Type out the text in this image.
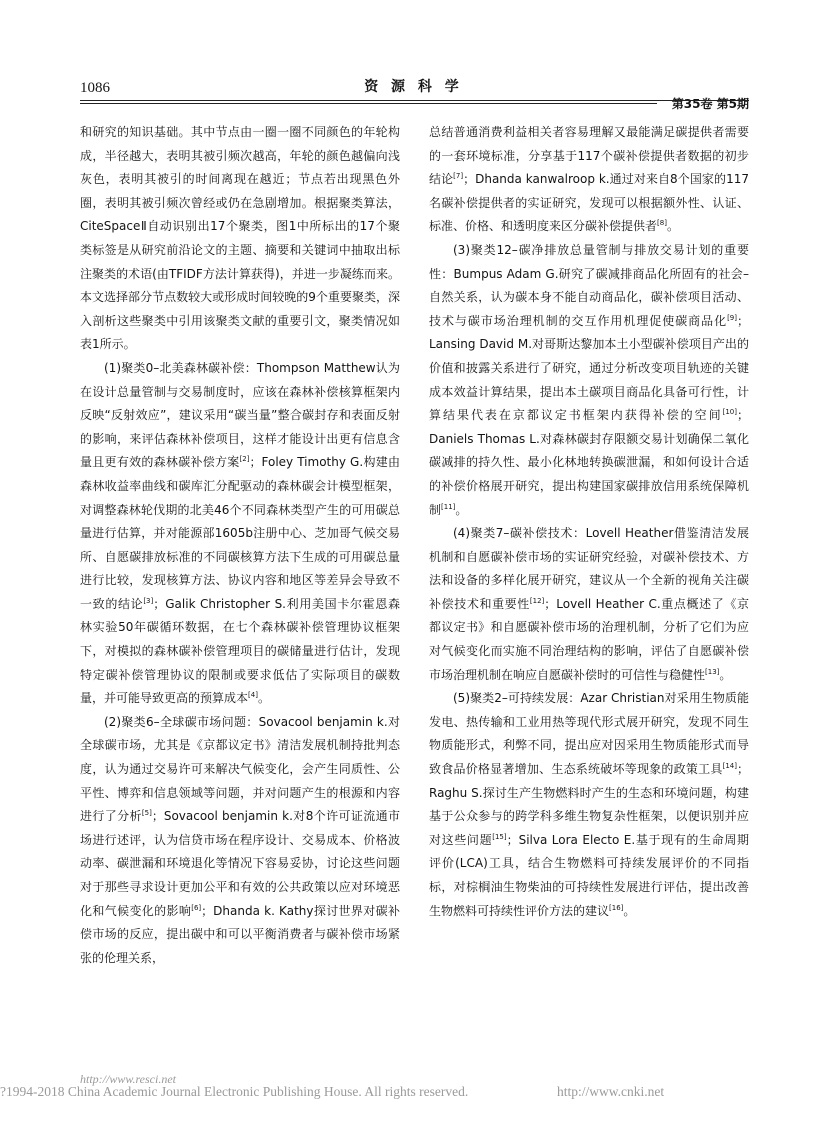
1086	资 源 科 学
第35卷 第5期

和研究的知识基础。其中节点由一圈一圈不同颜色的年轮构成，半径越大，表明其被引频次越高，年轮的颜色越偏向浅灰色，表明其被引的时间离现在越近；节点若出现黑色外圈，表明其被引频次曾经或仍在急剧增加。根据聚类算法，CiteSpaceⅡ自动识别出17个聚类，图1中所标出的17个聚类标签是从研究前沿论文的主题、摘要和关键词中抽取出标注聚类的术语(由TFIDF方法计算获得)，并进一步凝练而来。本文选择部分节点数较大或形成时间较晚的9个重要聚类，深入剖析这些聚类中引用该聚类文献的重要引文，聚类情况如表1所示。

(1)聚类0–北美森林碳补偿：Thompson Matthew认为在设计总量管制与交易制度时，应该在森林补偿核算框架内反映“反射效应”，建议采用“碳当量”整合碳封存和表面反射的影响，来评估森林补偿项目，这样才能设计出更有信息含量且更有效的森林碳补偿方案[2]；Foley Timothy G.构建由森林收益率曲线和碳库汇分配驱动的森林碳会计模型框架，对调整森林轮伐期的北美46个不同森林类型产生的可用碳总量进行估算，并对能源部1605b注册中心、芝加哥气候交易所、自愿碳排放标准的不同碳核算方法下生成的可用碳总量进行比较，发现核算方法、协议内容和地区等差异会导致不一致的结论[3]；Galik Christopher S.利用美国卡尔霍恩森林实验50年碳循环数据，在七个森林碳补偿管理协议框架下，对模拟的森林碳补偿管理项目的碳储量进行估计，发现特定碳补偿管理协议的限制或要求低估了实际项目的碳数量，并可能导致更高的预算成本[4]。

(2)聚类6–全球碳市场问题：Sovacool benjamin k.对全球碳市场，尤其是《京都议定书》清洁发展机制持批判态度，认为通过交易许可来解决气候变化，会产生同质性、公平性、博弈和信息领域等问题，并对问题产生的根源和内容进行了分析[5]；Sovacool benjamin k.对8个许可证流通市场进行述评，认为信贷市场在程序设计、交易成本、价格波动率、碳泄漏和环境退化等情况下容易妥协，讨论这些问题对于那些寻求设计更加公平和有效的公共政策以应对环境恶化和气候变化的影响[6]；Dhanda k. Kathy探讨世界对碳补偿市场的反应，提出碳中和可以平衡消费者与碳补偿市场紧张的伦理关系，

总结普通消费利益相关者容易理解又最能满足碳提供者需要的一套环境标准，分享基于117个碳补偿提供者数据的初步结论[7]；Dhanda kanwalroop k.通过对来自8个国家的117名碳补偿提供者的实证研究，发现可以根据额外性、认证、标准、价格、和透明度来区分碳补偿提供者[8]。

(3)聚类12–碳净排放总量管制与排放交易计划的重要性：Bumpus Adam G.研究了碳减排商品化所固有的社会–自然关系，认为碳本身不能自动商品化，碳补偿项目活动、技术与碳市场治理机制的交互作用机理促使碳商品化[9]；Lansing David M.对哥斯达黎加本土小型碳补偿项目产出的价值和披露关系进行了研究，通过分析改变项目轨迹的关键成本效益计算结果，提出本土碳项目商品化具备可行性，计算结果代表在京都议定书框架内获得补偿的空间[10]；Daniels Thomas L.对森林碳封存限额交易计划确保二氧化碳减排的持久性、最小化林地转换碳泄漏，和如何设计合适的补偿价格展开研究，提出构建国家碳排放信用系统保障机制[11]。

(4)聚类7–碳补偿技术：Lovell Heather借鉴清洁发展机制和自愿碳补偿市场的实证研究经验，对碳补偿技术、方法和设备的多样化展开研究，建议从一个全新的视角关注碳补偿技术和重要性[12]；Lovell Heather C.重点概述了《京都议定书》和自愿碳补偿市场的治理机制，分析了它们为应对气候变化而实施不同治理结构的影响，评估了自愿碳补偿市场治理机制在响应自愿碳补偿时的可信性与稳健性[13]。

(5)聚类2–可持续发展：Azar Christian对采用生物质能发电、热传输和工业用热等现代形式展开研究，发现不同生物质能形式，利弊不同，提出应对因采用生物质能形式而导致食品价格显著增加、生态系统破坏等现象的政策工具[14]；Raghu S.探讨生产生物燃料时产生的生态和环境问题，构建基于公众参与的跨学科多维生物复杂性框架，以便识别并应对这些问题[15]；Silva Lora Electo E.基于现有的生命周期评价(LCA)工具，结合生物燃料可持续发展评价的不同指标，对棕榈油生物柴油的可持续性发展进行评估，提出改善生物燃料可持续性评价方法的建议[16]。

http://www.resci.net
?1994-2018 China Academic Journal Electronic Publishing House. All rights reserved.	http://www.cnki.net
